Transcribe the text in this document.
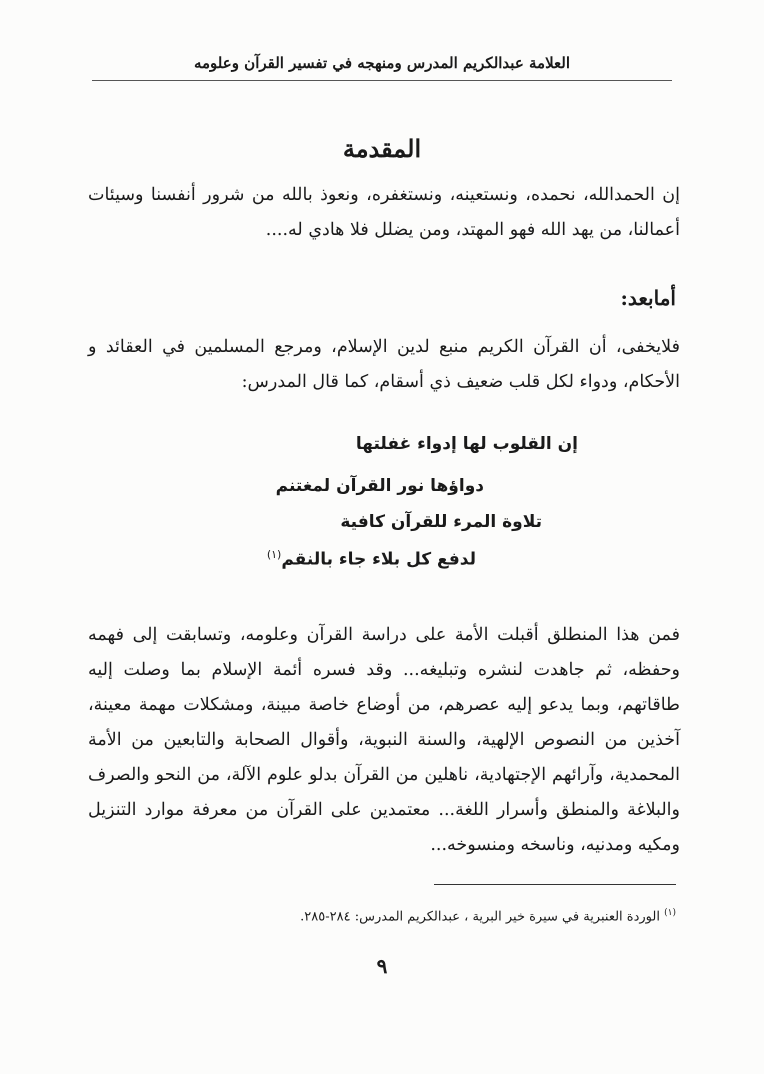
العلامة عبدالكريم المدرس ومنهجه في تفسير القرآن وعلومه
المقدمة
إن الحمدالله، نحمده، ونستعينه، ونستغفره، ونعوذ بالله من شرور أنفسنا وسيئات أعمالنا، من يهد الله فهو المهتد، ومن يضلل فلا هادي له....
أمابعد:
فلايخفى، أن القرآن الكريم منبع لدين الإسلام، ومرجع المسلمين في العقائد و الأحكام، ودواء لكل قلب ضعيف ذي أسقام، كما قال المدرس:
إن القلوب لها إدواء غفلتها
دواؤها نور القرآن لمغتنم
تلاوة المرء للقرآن كافية
لدفع كل بلاء جاء بالنقم$^{(١)}$
فمن هذا المنطلق أقبلت الأمة على دراسة القرآن وعلومه، وتسابقت إلى فهمه وحفظه، ثم جاهدت لنشره وتبليغه... وقد فسره أئمة الإسلام بما وصلت إليه طاقاتهم، وبما يدعو إليه عصرهم، من أوضاع خاصة مبينة، ومشكلات مهمة معينة، آخذين من النصوص الإلهية، والسنة النبوية، وأقوال الصحابة والتابعين من الأمة المحمدية، وآرائهم الإجتهادية، ناهلين من القرآن بدلو علوم الآلة، من النحو والصرف والبلاغة والمنطق وأسرار اللغة... معتمدين على القرآن من معرفة موارد التنزيل ومكيه ومدنيه، وناسخه ومنسوخه...
$^{(١)}$ الوردة العنبرية في سيرة خير البرية ، عبدالكريم المدرس: ٢٨٤-٢٨٥.
٩
